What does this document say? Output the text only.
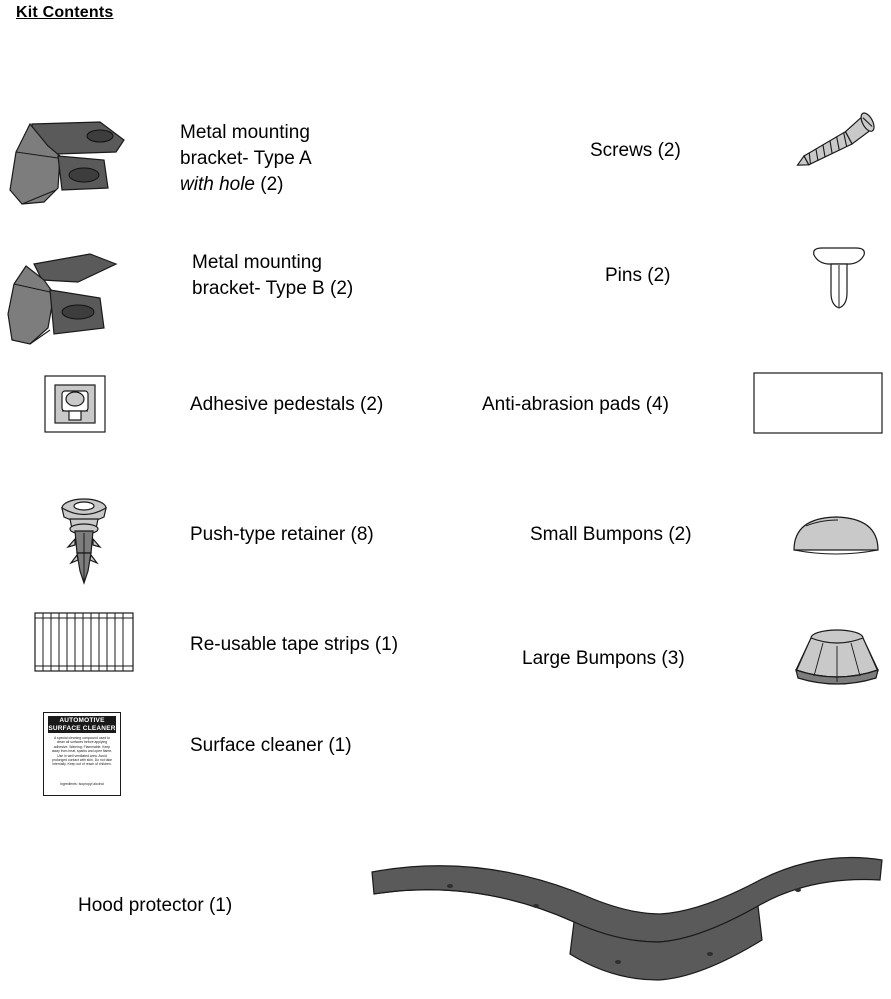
Kit Contents
Metal mounting
bracket- Type A
with hole (2)
Metal mounting
bracket- Type B (2)
Adhesive pedestals (2)
Push-type retainer (8)
Re-usable tape strips (1)
AUTOMOTIVE
SURFACE CLEANER
A special cleaning compound used to clean all surfaces before applying adhesive. Warning: Flammable. Keep away from heat, sparks and open flame. Use in well ventilated area. Avoid prolonged contact with skin. Do not take internally. Keep out of reach of children.
Ingredients: Isopropyl alcohol
Surface cleaner (1)
Screws (2)
Pins (2)
Anti-abrasion pads (4)
Small Bumpons (2)
Large Bumpons (3)
Hood protector (1)
